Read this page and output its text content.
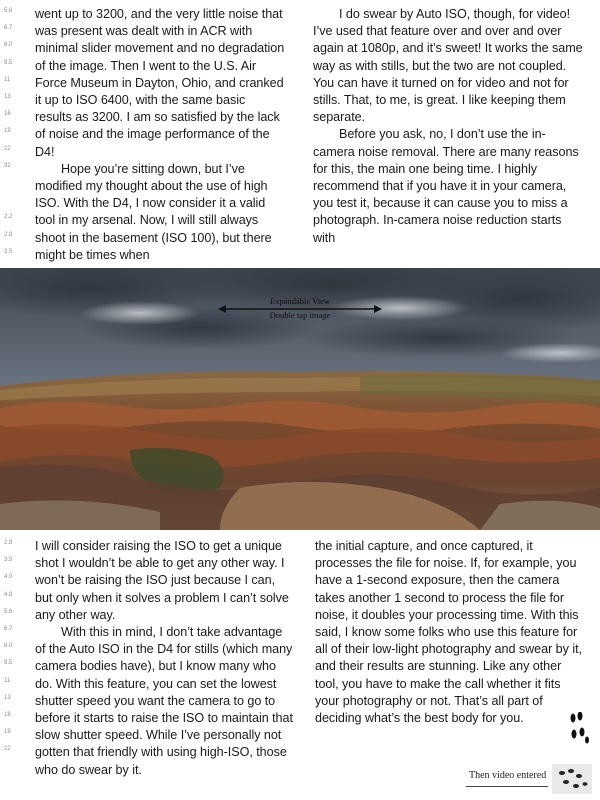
5.6
6.7
8.0
9.5
11
13
16
19
22
32
2.2
2.8
3.5

went up to 3200, and the very little noise that was present was dealt with in ACR with minimal slider movement and no degradation of the image. Then I went to the U.S. Air Force Museum in Dayton, Ohio, and cranked it up to ISO 6400, with the same basic results as 3200. I am so satisfied by the lack of noise and the image performance of the D4!

Hope you’re sitting down, but I’ve modified my thought about the use of high ISO. With the D4, I now consider it a valid tool in my arsenal. Now, I will still always shoot in the basement (ISO 100), but there might be times when

I do swear by Auto ISO, though, for video! I’ve used that feature over and over and over again at 1080p, and it’s sweet! It works the same way as with stills, but the two are not coupled. You can have it turned on for video and not for stills. That, to me, is great. I like keeping them separate.

Before you ask, no, I don’t use the in-camera noise removal. There are many reasons for this, the main one being time. I highly recommend that if you have it in your camera, you test it, because it can cause you to miss a photograph. In-camera noise reduction starts with

Expandable View
Double tap image
2.8
3.5
4.0
4.8
5.6
6.7
8.0
9.5
11
13
16
19
22

I will consider raising the ISO to get a unique shot I wouldn’t be able to get any other way. I won’t be raising the ISO just because I can, but only when it solves a problem I can’t solve any other way.

With this in mind, I don’t take advantage of the Auto ISO in the D4 for stills (which many camera bodies have), but I know many who do. With this feature, you can set the lowest shutter speed you want the camera to go to before it starts to raise the ISO to maintain that slow shutter speed. While I’ve personally not gotten that friendly with using high-ISO, those who do swear by it.

the initial capture, and once captured, it processes the file for noise. If, for example, you have a 1-second exposure, then the camera takes another 1 second to process the file for noise, it doubles your processing time. With this said, I know some folks who use this feature for all of their low-light photography and swear by it, and their results are stunning. Like any other tool, you have to make the call whether it fits your photography or not. That’s all part of deciding what’s the best body for you.

Then video entered
